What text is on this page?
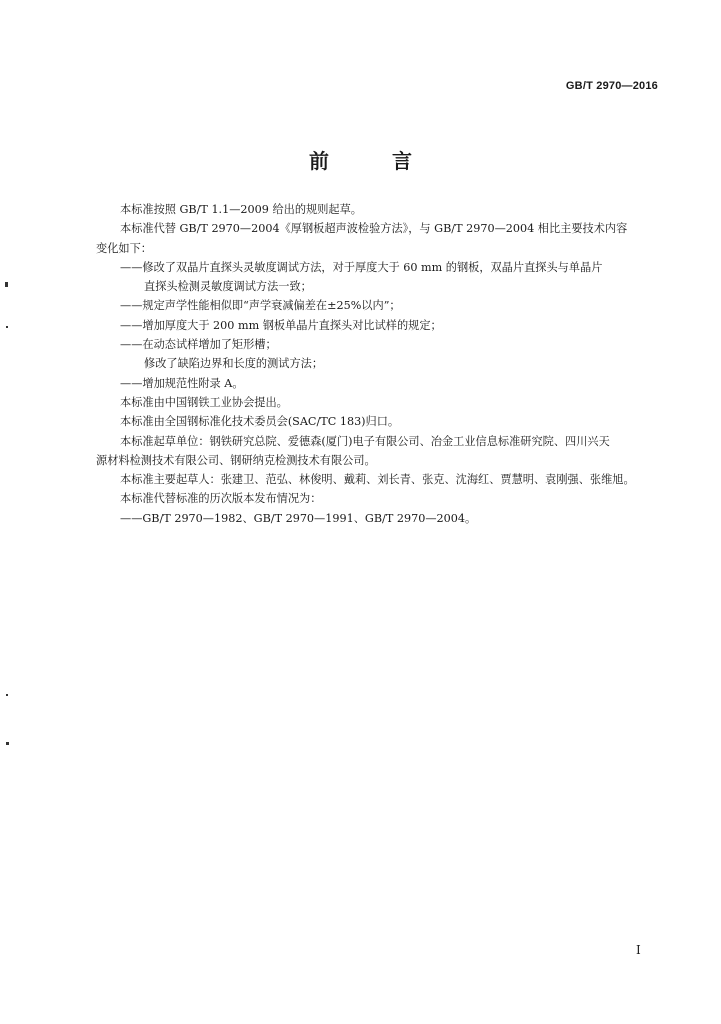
GB/T 2970—2016
前 言
本标准按照 GB/T 1.1—2009 给出的规则起草。
本标准代替 GB/T 2970—2004《厚钢板超声波检验方法》，与 GB/T 2970—2004 相比主要技术内容
变化如下：
——修改了双晶片直探头灵敏度调试方法，对于厚度大于 60 mm 的钢板，双晶片直探头与单晶片
直探头检测灵敏度调试方法一致；
——规定声学性能相似即“声学衰减偏差在±25%以内”；
——增加厚度大于 200 mm 钢板单晶片直探头对比试样的规定；
——在动态试样增加了矩形槽；
修改了缺陷边界和长度的测试方法；
——增加规范性附录 A。
本标准由中国钢铁工业协会提出。
本标准由全国钢标准化技术委员会(SAC/TC 183)归口。
本标准起草单位：钢铁研究总院、爱德森(厦门)电子有限公司、冶金工业信息标准研究院、四川兴天
源材料检测技术有限公司、钢研纳克检测技术有限公司。
本标准主要起草人：张建卫、范弘、林俊明、戴莉、刘长青、张克、沈海红、贾慧明、袁刚强、张维旭。
本标准代替标准的历次版本发布情况为：
——GB/T 2970—1982、GB/T 2970—1991、GB/T 2970—2004。
I
